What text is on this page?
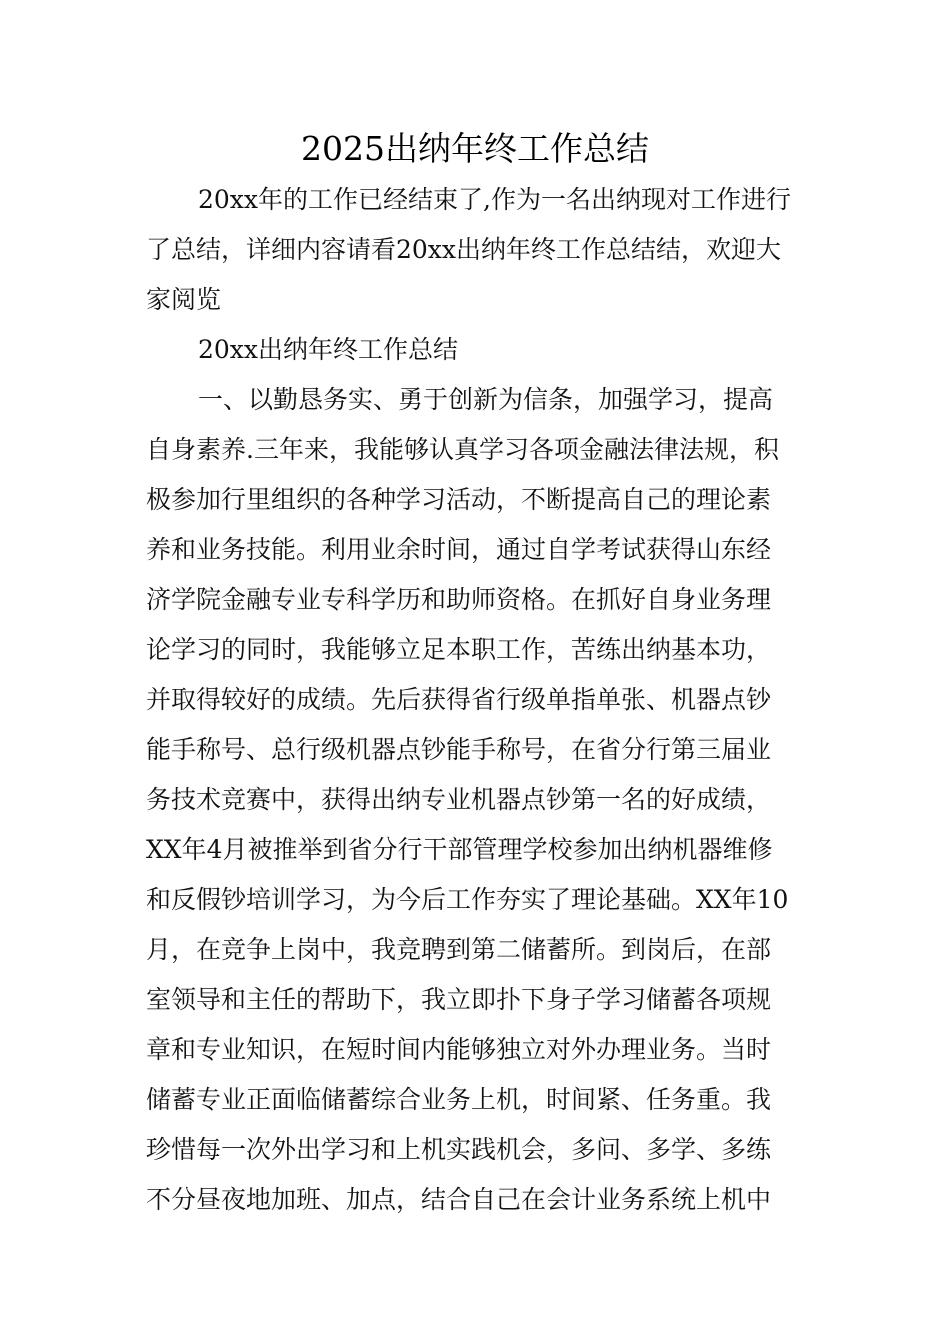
2025出纳年终工作总结
20xx年的工作已经结束了,作为一名出纳现对工作进行
了总结，详细内容请看20xx出纳年终工作总结结，欢迎大
家阅览
20xx出纳年终工作总结
一、以勤恳务实、勇于创新为信条，加强学习，提高
自身素养.三年来，我能够认真学习各项金融法律法规，积
极参加行里组织的各种学习活动，不断提高自己的理论素
养和业务技能。利用业余时间，通过自学考试获得山东经
济学院金融专业专科学历和助师资格。在抓好自身业务理
论学习的同时，我能够立足本职工作，苦练出纳基本功，
并取得较好的成绩。先后获得省行级单指单张、机器点钞
能手称号、总行级机器点钞能手称号，在省分行第三届业
务技术竞赛中，获得出纳专业机器点钞第一名的好成绩，
XX年4月被推举到省分行干部管理学校参加出纳机器维修
和反假钞培训学习，为今后工作夯实了理论基础。XX年10
月，在竞争上岗中，我竞聘到第二储蓄所。到岗后，在部
室领导和主任的帮助下，我立即扑下身子学习储蓄各项规
章和专业知识，在短时间内能够独立对外办理业务。当时
储蓄专业正面临储蓄综合业务上机，时间紧、任务重。我
珍惜每一次外出学习和上机实践机会，多问、多学、多练
不分昼夜地加班、加点，结合自己在会计业务系统上机中
